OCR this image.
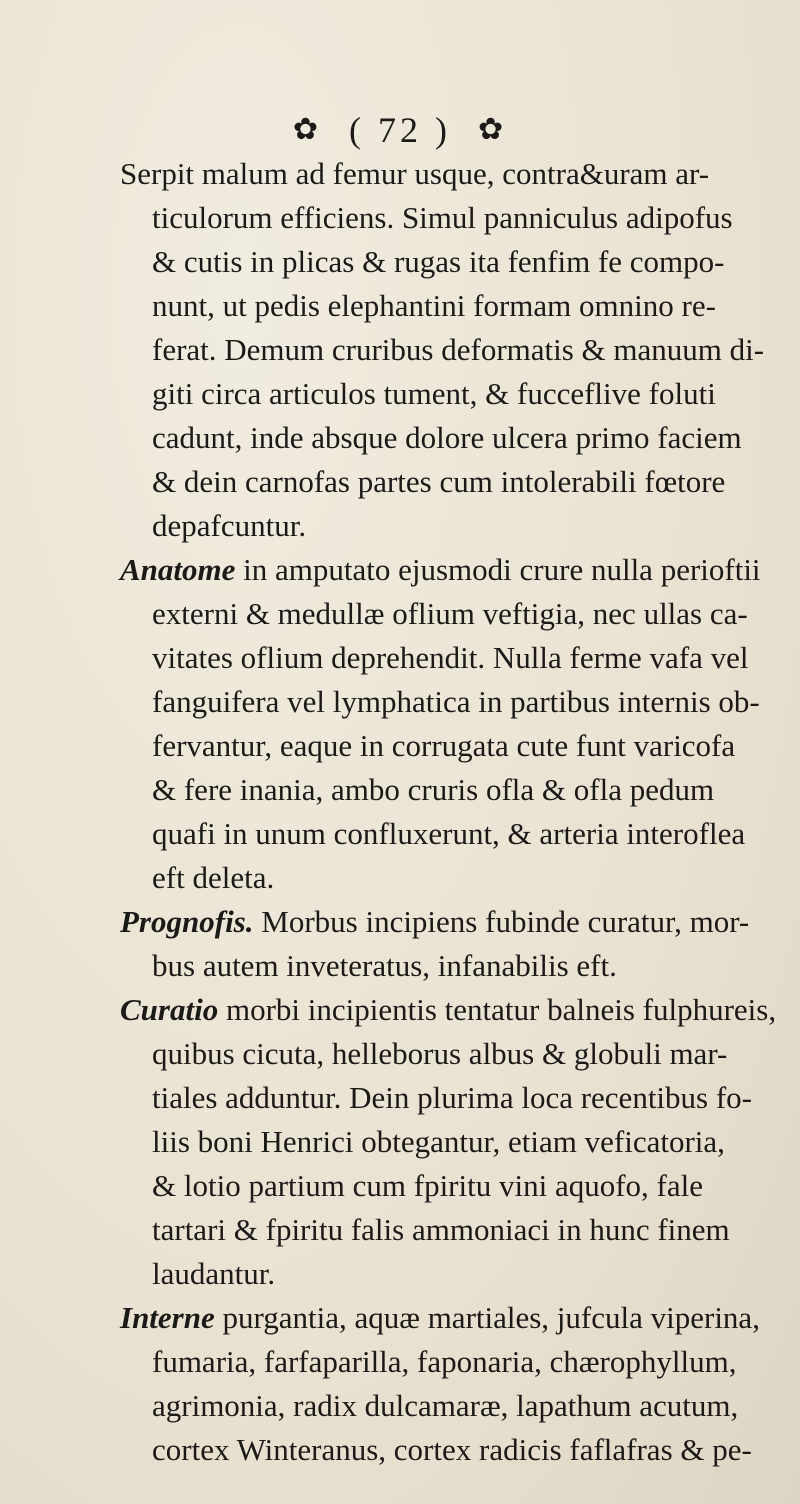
✿ ( 72 ) ✿

Serpit malum ad femur usque, contra&uram ar-
ticulorum efficiens. Simul panniculus adipofus
& cutis in plicas & rugas ita fenfim fe compo-
nunt, ut pedis elephantini formam omnino re-
ferat. Demum cruribus deformatis & manuum di-
giti circa articulos tument, & fucceflive foluti
cadunt, inde absque dolore ulcera primo faciem
& dein carnofas partes cum intolerabili fœtore
depafcuntur.

Anatome in amputato ejusmodi crure nulla perioftii
externi & medullæ oflium veftigia, nec ullas ca-
vitates oflium deprehendit. Nulla ferme vafa vel
fanguifera vel lymphatica in partibus internis ob-
fervantur, eaque in corrugata cute funt varicofa
& fere inania, ambo cruris ofla & ofla pedum
quafi in unum confluxerunt, & arteria interoflea
eft deleta.

Prognofis. Morbus incipiens fubinde curatur, mor-
bus autem inveteratus, infanabilis eft.

Curatio morbi incipientis tentatur balneis fulphureis,
quibus cicuta, helleborus albus & globuli mar-
tiales adduntur. Dein plurima loca recentibus fo-
liis boni Henrici obtegantur, etiam veficatoria,
& lotio partium cum fpiritu vini aquofo, fale
tartari & fpiritu falis ammoniaci in hunc finem
laudantur.

Interne purgantia, aquæ martiales, jufcula viperina,
fumaria, farfaparilla, faponaria, chærophyllum,
agrimonia, radix dulcamaræ, lapathum acutum,
cortex Winteranus, cortex radicis faflafras & pe-
